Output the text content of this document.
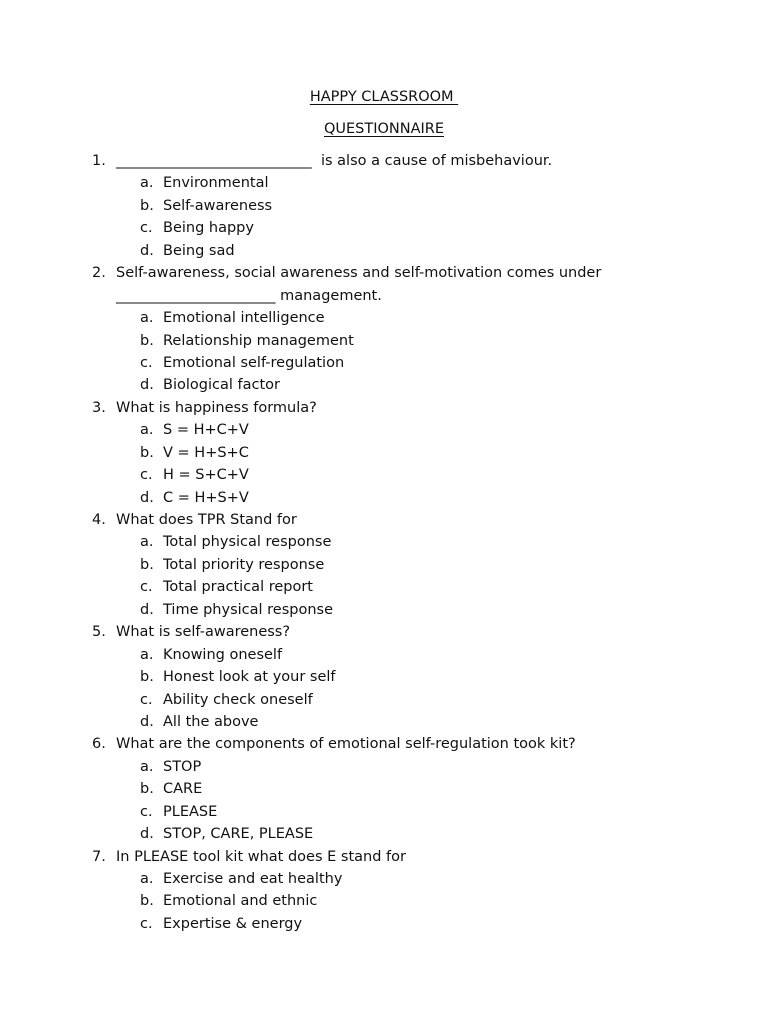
HAPPY CLASSROOM
QUESTIONNAIRE
1. ___________________________  is also a cause of misbehaviour.
a. Environmental
b. Self-awareness
c. Being happy
d. Being sad
2. Self-awareness, social awareness and self-motivation comes under
______________________ management.
a. Emotional intelligence
b. Relationship management
c. Emotional self-regulation
d. Biological factor
3. What is happiness formula?
a. S = H+C+V
b. V = H+S+C
c. H = S+C+V
d. C = H+S+V
4. What does TPR Stand for
a. Total physical response
b. Total priority response
c. Total practical report
d. Time physical response
5. What is self-awareness?
a. Knowing oneself
b. Honest look at your self
c. Ability check oneself
d. All the above
6. What are the components of emotional self-regulation took kit?
a. STOP
b. CARE
c. PLEASE
d. STOP, CARE, PLEASE
7. In PLEASE tool kit what does E stand for
a. Exercise and eat healthy
b. Emotional and ethnic
c. Expertise & energy
